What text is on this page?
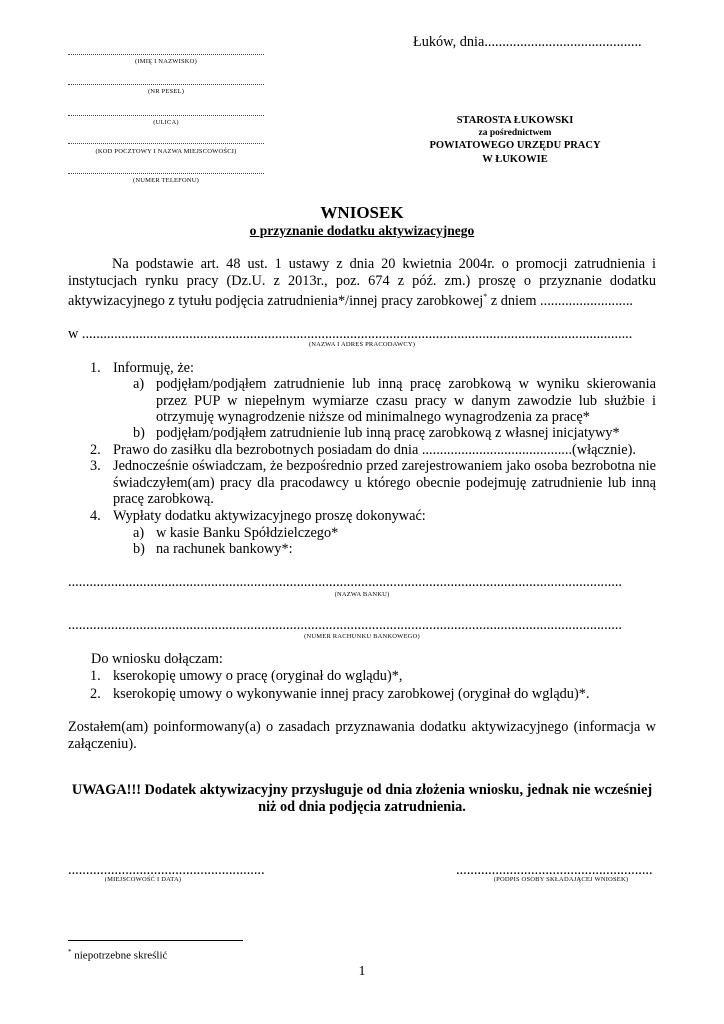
Łuków, dnia............................................
(IMIĘ I NAZWISKO)
(NR PESEL)
(ULICA)
(KOD POCZTOWY I NAZWA MIEJSCOWOŚCI)
(NUMER TELEFONU)
STAROSTA ŁUKOWSKI
za pośrednictwem
POWIATOWEGO URZĘDU PRACY
W ŁUKOWIE
WNIOSEK
o przyznanie dodatku aktywizacyjnego
Na podstawie art. 48 ust. 1 ustawy z dnia 20 kwietnia 2004r. o promocji zatrudnienia i instytucjach rynku pracy (Dz.U. z 2013r., poz. 674 z póź. zm.) proszę o przyznanie dodatku aktywizacyjnego z tytułu podjęcia zatrudnienia*/innej pracy zarobkowej* z dniem ..........................
w ..........................................................................................................................................................
(NAZWA I ADRES PRACODAWCY)
1. Informuję, że:
a) podjęłam/podjąłem zatrudnienie lub inną pracę zarobkową w wyniku skierowania przez PUP w niepełnym wymiarze czasu pracy w danym zawodzie lub służbie i otrzymuję wynagrodzenie niższe od minimalnego wynagrodzenia za pracę*
b) podjęłam/podjąłem zatrudnienie lub inną pracę zarobkową z własnej inicjatywy*
2. Prawo do zasiłku dla bezrobotnych posiadam do dnia ..........................................(włącznie).
3. Jednocześnie oświadczam, że bezpośrednio przed zarejestrowaniem jako osoba bezrobotna nie świadczyłem(am) pracy dla pracodawcy u którego obecnie podejmuję zatrudnienie lub inną pracę zarobkową.
4. Wypłaty dodatku aktywizacyjnego proszę dokonywać:
a) w kasie Banku Spółdzielczego*
b) na rachunek bankowy*:
...........................................................................................................................................................
(NAZWA BANKU)
...........................................................................................................................................................
(NUMER RACHUNKU BANKOWEGO)
Do wniosku dołączam:
1. kserokopię umowy o pracę (oryginał do wglądu)*,
2. kserokopię umowy o wykonywanie innej pracy zarobkowej (oryginał do wglądu)*.
Zostałem(am) poinformowany(a) o zasadach przyznawania dodatku aktywizacyjnego (informacja w załączeniu).
UWAGA!!! Dodatek aktywizacyjny przysługuje od dnia złożenia wniosku, jednak nie wcześniej niż od dnia podjęcia zatrudnienia.
.......................................................
(MIEJSCOWOŚĆ I DATA)
.......................................................
(PODPIS OSOBY SKŁADAJĄCEJ WNIOSEK)
* niepotrzebne skreślić
1
